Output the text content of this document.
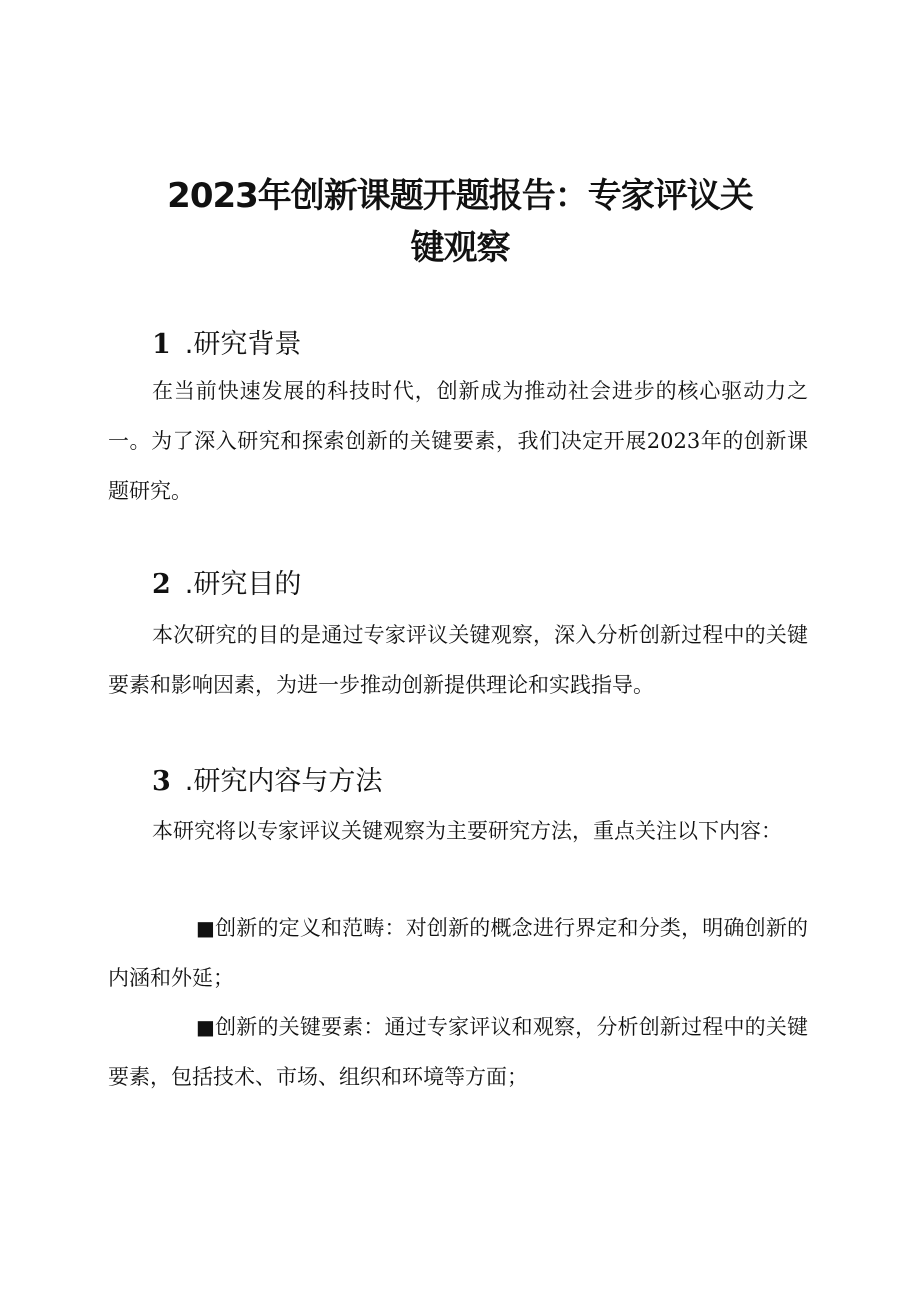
2023年创新课题开题报告：专家评议关
键观察
1 .研究背景

在当前快速发展的科技时代，创新成为推动社会进步的核心驱动力之一。为了深入研究和探索创新的关键要素，我们决定开展2023年的创新课题研究。

2 .研究目的

本次研究的目的是通过专家评议关键观察，深入分析创新过程中的关键要素和影响因素，为进一步推动创新提供理论和实践指导。

3 .研究内容与方法

本研究将以专家评议关键观察为主要研究方法，重点关注以下内容：

■创新的定义和范畴：对创新的概念进行界定和分类，明确创新的内涵和外延；

■创新的关键要素：通过专家评议和观察，分析创新过程中的关键要素，包括技术、市场、组织和环境等方面；
